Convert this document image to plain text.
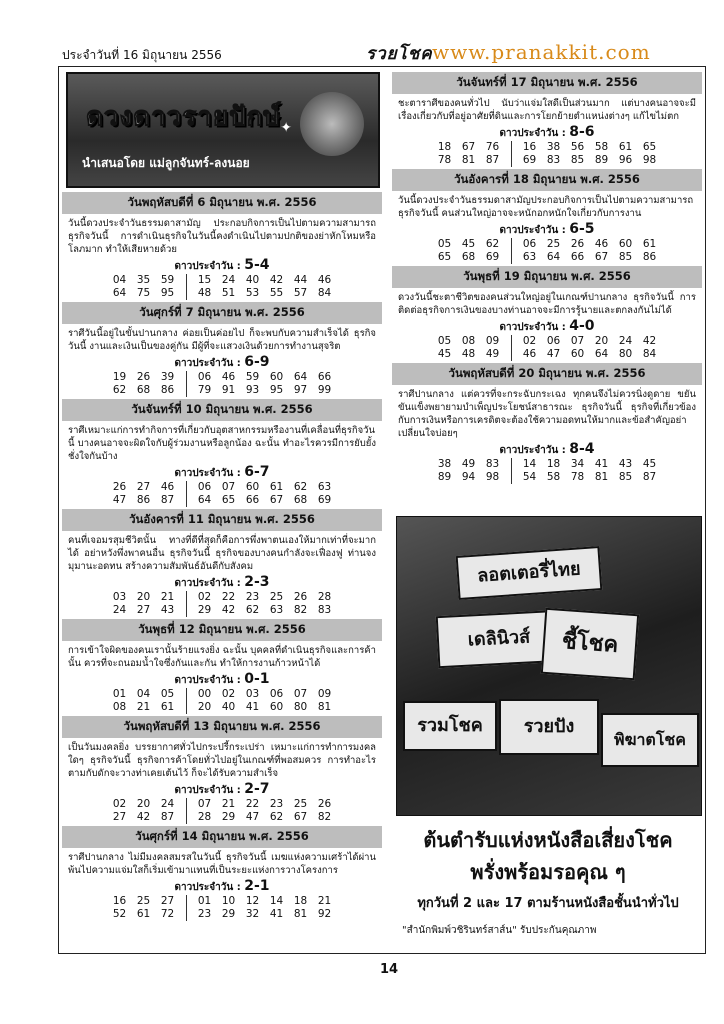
ประจำวันที่ 16 มิถุนายน 2556	รวยโชค www.pranakkit.com
✦
ดวงดาวรายปักษ์
นำเสนอโดย แม่ลูกจันทร์-ลงนอย
วันพฤหัสบดีที่ 6 มิถุนายน พ.ศ. 2556
วันนี้ดวงประจำวันธรรมดาสามัญ ประกอบกิจการเป็นไปตามความสามารถ ธุรกิจวันนี้ การดำเนินธุรกิจในวันนี้คงดำเนินไปตามปกติของย่าหักโหมหรือโลภมาก ทำให้เสียหายด้วย
ดาวประจำวัน : 5-4
04	35	59	15	24	40	42	44	46
64	75	95	48	51	53	55	57	84
วันศุกร์ที่ 7 มิถุนายน พ.ศ. 2556
ราศีวันนี้อยู่ในขั้นปานกลาง ค่อยเป็นค่อยไป ก็จะพบกับความสำเร็จได้ ธุรกิจวันนี้ งานและเงินเป็นของคู่กัน มีผู้ที่จะแสวงเงินด้วยการทำงานสุจริต
ดาวประจำวัน : 6-9
19	26	39	06	46	59	60	64	66
62	68	86	79	91	93	95	97	99
วันจันทร์ที่ 10 มิถุนายน พ.ศ. 2556
ราศีเหมาะแก่การทำกิจการที่เกี่ยวกับอุตสาหกรรมหรืองานที่เคลื่อนที่ธุรกิจวันนี้ บางคนอาจจะผิดใจกับผู้ร่วมงานหรือลูกน้อง ฉะนั้น ทำอะไรควรมีการยับยั้งชั่งใจกันบ้าง
ดาวประจำวัน : 6-7
26	27	46	06	07	60	61	62	63
47	86	87	64	65	66	67	68	69
วันอังคารที่ 11 มิถุนายน พ.ศ. 2556
คนที่เจอมรสุมชีวิตนั้น ทางที่ดีที่สุดก็คือการพึ่งพาตนเองให้มากเท่าที่จะมากได้ อย่าหวังพึ่งพาคนอื่น ธุรกิจวันนี้ ธุรกิจของบางคนกำลังจะเฟื่องฟู ท่านจงมุมานะอดทน สร้างความสัมพันธ์อันดีกับสังคม
ดาวประจำวัน : 2-3
03	20	21	02	22	23	25	26	28
24	27	43	29	42	62	63	82	83
วันพุธที่ 12 มิถุนายน พ.ศ. 2556
การเข้าใจผิดของคนเรานั้นร้ายแรงยิ่ง ฉะนั้น บุคคลที่ดำเนินธุรกิจและการค้านั้น ควรที่จะถนอมน้ำใจซึ่งกันและกัน ทำให้การงานก้าวหน้าได้
ดาวประจำวัน : 0-1
01	04	05	00	02	03	06	07	09
08	21	61	20	40	41	60	80	81
วันพฤหัสบดีที่ 13 มิถุนายน พ.ศ. 2556
เป็นวันมงคลยิ่ง บรรยากาศทั่วไปกระปรี้กระเปร่า เหมาะแก่การทำการมงคลใดๆ ธุรกิจวันนี้ ธุรกิจการค้าโดยทั่วไปอยู่ในเกณฑ์ที่พอสมควร การทำอะไรตามกับดักจะวางท่าเคยเต้นไว้ ก็จะได้รับความสำเร็จ
ดาวประจำวัน : 2-7
02	20	24	07	21	22	23	25	26
27	42	87	28	29	47	62	67	82
วันศุกร์ที่ 14 มิถุนายน พ.ศ. 2556
ราศีปานกลาง ไม่มีมงคลสมรสในวันนี้ ธุรกิจวันนี้ เมฆแห่งความเศร้าได้ผ่านพ้นไปความแจ่มใสก็เริ่มเข้ามาแทนที่เป็นระยะแห่งการวางโครงการ
ดาวประจำวัน : 2-1
16	25	27	01	10	12	14	18	21
52	61	72	23	29	32	41	81	92
วันจันทร์ที่ 17 มิถุนายน พ.ศ. 2556
ชะตาราศีของคนทั่วไป นับว่าแจ่มใสดีเป็นส่วนมาก แต่บางคนอาจจะมีเรื่องเกี่ยวกับที่อยู่อาศัยที่ดินและการโยกย้ายตำแหน่งต่างๆ แก้ไขไม่ตก
ดาวประจำวัน : 8-6
18	67	76	16	38	56	58	61	65
78	81	87	69	83	85	89	96	98
วันอังคารที่ 18 มิถุนายน พ.ศ. 2556
วันนี้ดวงประจำวันธรรมดาสามัญประกอบกิจการเป็นไปตามความสามารถ ธุรกิจวันนี้ คนส่วนใหญ่อาจจะหนักอกหนักใจเกี่ยวกับการงาน
ดาวประจำวัน : 6-5
05	45	62	06	25	26	46	60	61
65	68	69	63	64	66	67	85	86
วันพุธที่ 19 มิถุนายน พ.ศ. 2556
ดวงวันนี้ชะตาชีวิตของคนส่วนใหญ่อยู่ในเกณฑ์ปานกลาง ธุรกิจวันนี้ การติดต่อธุรกิจการเงินของบางท่านอาจจะมีการรู้นายและตกลงกันไม่ได้
ดาวประจำวัน : 4-0
05	08	09	02	06	07	20	24	42
45	48	49	46	47	60	64	80	84
วันพฤหัสบดีที่ 20 มิถุนายน พ.ศ. 2556
ราศีปานกลาง แต่ควรที่จะกระฉับกระเฉง ทุกคนจึงไม่ควรนิ่งดูดาย ขยันขันแข็งพยายามบำเพ็ญประโยชน์สาธารณะ ธุรกิจวันนี้ ธุรกิจที่เกี่ยวข้องกับการเงินหรือการเครดิตจะต้องใช้ความอดทนให้มากและข้อสำคัญอย่าเปลี่ยนใจบ่อยๆ
ดาวประจำวัน : 8-4
38	49	83	14	18	34	41	43	45
89	94	98	54	58	78	81	85	87
ลอตเตอรี่ไทย
เดลินิวส์	ชี้โชค
รวมโชค	รวยปัง
พิฆาตโชค
ต้นตำรับแห่งหนังสือเสี่ยงโชค
พรั่งพร้อมรอคุณ ๆ
ทุกวันที่ 2 และ 17 ตามร้านหนังสือชั้นนำทั่วไป
"สำนักพิมพ์วชิรินทร์สาส์น" รับประกันคุณภาพ
14
